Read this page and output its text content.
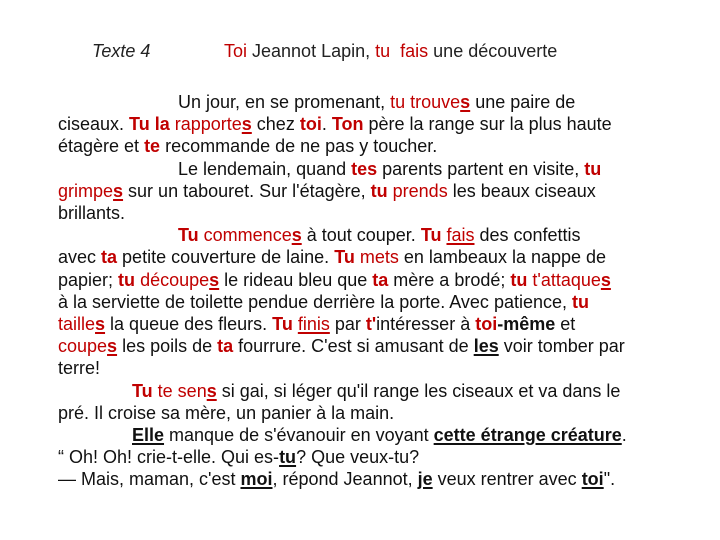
Texte 4	Toi Jeannot Lapin, tu fais une découverte
Un jour, en se promenant, tu trouves une paire de
ciseaux. Tu la rapportes chez toi. Ton père la range sur la plus haute
étagère et te recommande de ne pas y toucher.
Le lendemain, quand tes parents partent en visite, tu
grimpes sur un tabouret. Sur l'étagère, tu prends les beaux ciseaux
brillants.
Tu commences à tout couper. Tu fais des confettis
avec ta petite couverture de laine. Tu mets en lambeaux la nappe de
papier; tu découpes le rideau bleu que ta mère a brodé; tu t'attaques
à la serviette de toilette pendue derrière la porte. Avec patience, tu
tailles la queue des fleurs. Tu finis par t'intéresser à toi-même et
coupes les poils de ta fourrure. C'est si amusant de les voir tomber par
terre!
Tu te sens si gai, si léger qu'il range les ciseaux et va dans le
pré. Il croise sa mère, un panier à la main.
Elle manque de s'évanouir en voyant cette étrange créature.
“ Oh! Oh! crie-t-elle. Qui es-tu? Que veux-tu?
— Mais, maman, c'est moi, répond Jeannot, je veux rentrer avec toi".
